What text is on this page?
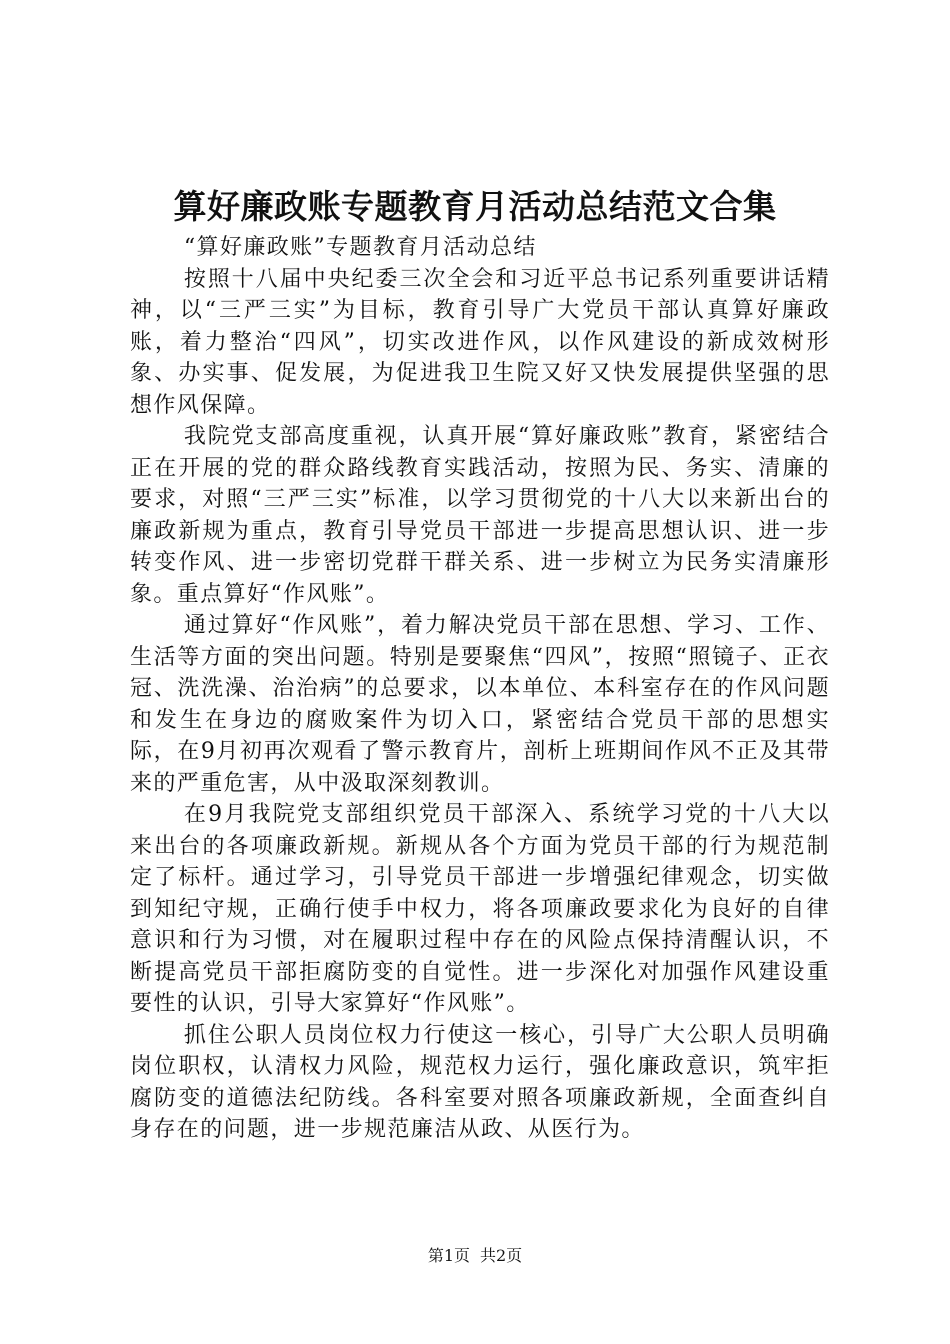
算好廉政账专题教育月活动总结范文合集

“算好廉政账”专题教育月活动总结

按照十八届中央纪委三次全会和习近平总书记系列重要讲话精神，以“三严三实”为目标，教育引导广大党员干部认真算好廉政账，着力整治“四风”，切实改进作风，以作风建设的新成效树形象、办实事、促发展，为促进我卫生院又好又快发展提供坚强的思想作风保障。

我院党支部高度重视，认真开展“算好廉政账”教育，紧密结合正在开展的党的群众路线教育实践活动，按照为民、务实、清廉的要求，对照“三严三实”标准，以学习贯彻党的十八大以来新出台的廉政新规为重点，教育引导党员干部进一步提高思想认识、进一步转变作风、进一步密切党群干群关系、进一步树立为民务实清廉形象。重点算好“作风账”。

通过算好“作风账”，着力解决党员干部在思想、学习、工作、生活等方面的突出问题。特别是要聚焦“四风”，按照“照镜子、正衣冠、洗洗澡、治治病”的总要求，以本单位、本科室存在的作风问题和发生在身边的腐败案件为切入口，紧密结合党员干部的思想实际，在9月初再次观看了警示教育片，剖析上班期间作风不正及其带来的严重危害，从中汲取深刻教训。

在9月我院党支部组织党员干部深入、系统学习党的十八大以来出台的各项廉政新规。新规从各个方面为党员干部的行为规范制定了标杆。通过学习，引导党员干部进一步增强纪律观念，切实做到知纪守规，正确行使手中权力，将各项廉政要求化为良好的自律意识和行为习惯，对在履职过程中存在的风险点保持清醒认识，不断提高党员干部拒腐防变的自觉性。进一步深化对加强作风建设重要性的认识，引导大家算好“作风账”。

抓住公职人员岗位权力行使这一核心，引导广大公职人员明确岗位职权，认清权力风险，规范权力运行，强化廉政意识，筑牢拒腐防变的道德法纪防线。各科室要对照各项廉政新规，全面查纠自身存在的问题，进一步规范廉洁从政、从医行为。

第1页 共2页
